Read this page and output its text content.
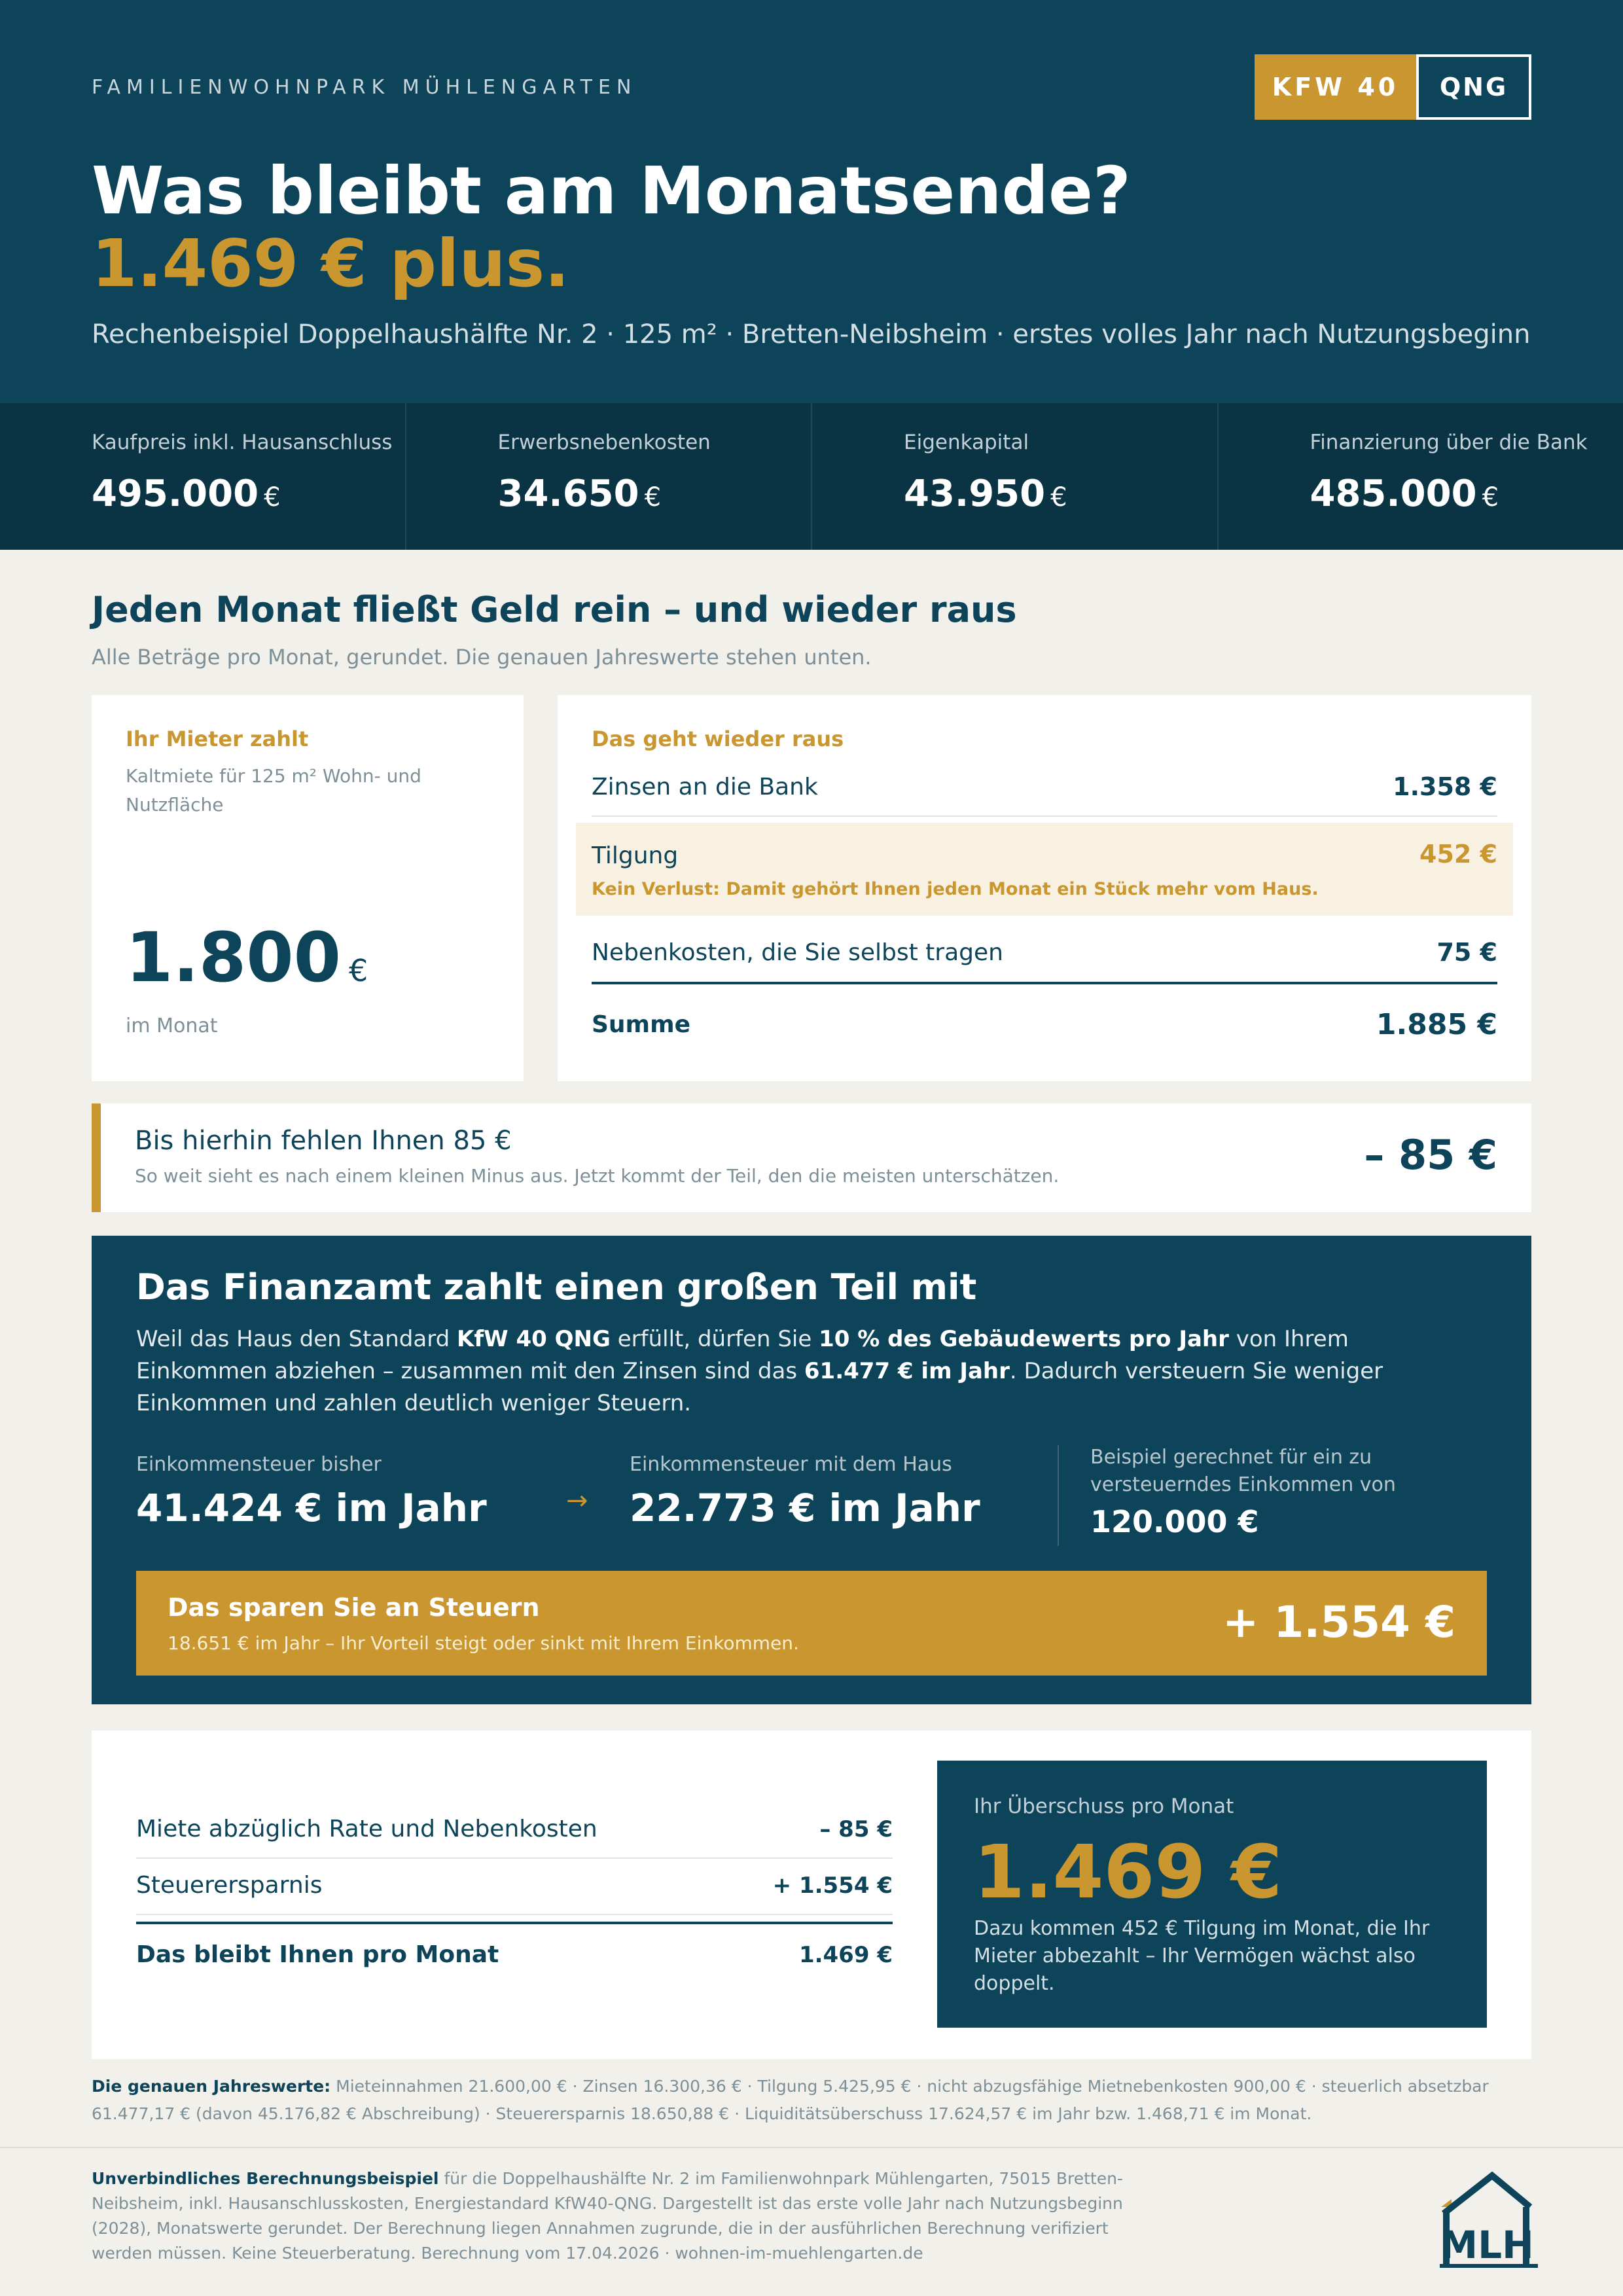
FAMILIENWOHNPARK MÜHLENGARTEN	KFW 40	QNG
Was bleibt am Monatsende?
1.469 € plus.
Rechenbeispiel Doppelhaushälfte Nr. 2 · 125 m² · Bretten-Neibsheim · erstes volles Jahr nach Nutzungsbeginn
Kaufpreis inkl. Hausanschluss
495.000 €
Erwerbsnebenkosten
34.650 €
Eigenkapital
43.950 €
Finanzierung über die Bank
485.000 €
Jeden Monat fließt Geld rein – und wieder raus
Alle Beträge pro Monat, gerundet. Die genauen Jahreswerte stehen unten.
Ihr Mieter zahlt
Kaltmiete für 125 m² Wohn- und Nutzfläche
1.800 €
im Monat
Das geht wieder raus
Zinsen an die Bank	1.358 €
Tilgung	452 €
Kein Verlust: Damit gehört Ihnen jeden Monat ein Stück mehr vom Haus.
Nebenkosten, die Sie selbst tragen	75 €
Summe	1.885 €
Bis hierhin fehlen Ihnen 85 €
So weit sieht es nach einem kleinen Minus aus. Jetzt kommt der Teil, den die meisten unterschätzen.	– 85 €
Das Finanzamt zahlt einen großen Teil mit
Weil das Haus den Standard KfW 40 QNG erfüllt, dürfen Sie 10 % des Gebäudewerts pro Jahr von Ihrem Einkommen abziehen – zusammen mit den Zinsen sind das 61.477 € im Jahr. Dadurch versteuern Sie weniger Einkommen und zahlen deutlich weniger Steuern.
Einkommensteuer bisher
41.424 € im Jahr	→
Einkommensteuer mit dem Haus
22.773 € im Jahr
Beispiel gerechnet für ein zu versteuerndes Einkommen von
120.000 €
Das sparen Sie an Steuern
18.651 € im Jahr – Ihr Vorteil steigt oder sinkt mit Ihrem Einkommen.	+ 1.554 €
Miete abzüglich Rate und Nebenkosten	– 85 €
Steuerersparnis	+ 1.554 €
Das bleibt Ihnen pro Monat	1.469 €
Ihr Überschuss pro Monat
1.469 €
Dazu kommen 452 € Tilgung im Monat, die Ihr Mieter abbezahlt – Ihr Vermögen wächst also doppelt.
Die genauen Jahreswerte: Mieteinnahmen 21.600,00 € · Zinsen 16.300,36 € · Tilgung 5.425,95 € · nicht abzugsfähige Mietnebenkosten 900,00 € · steuerlich absetzbar 61.477,17 € (davon 45.176,82 € Abschreibung) · Steuerersparnis 18.650,88 € · Liquiditätsüberschuss 17.624,57 € im Jahr bzw. 1.468,71 € im Monat.
Unverbindliches Berechnungsbeispiel für die Doppelhaushälfte Nr. 2 im Familienwohnpark Mühlengarten, 75015 Bretten-Neibsheim, inkl. Hausanschlusskosten, Energiestandard KfW40-QNG. Dargestellt ist das erste volle Jahr nach Nutzungsbeginn (2028), Monatswerte gerundet. Der Berechnung liegen Annahmen zugrunde, die in der ausführlichen Berechnung verifiziert werden müssen. Keine Steuerberatung. Berechnung vom 17.04.2026 · wohnen-im-muehlengarten.de	MLH
